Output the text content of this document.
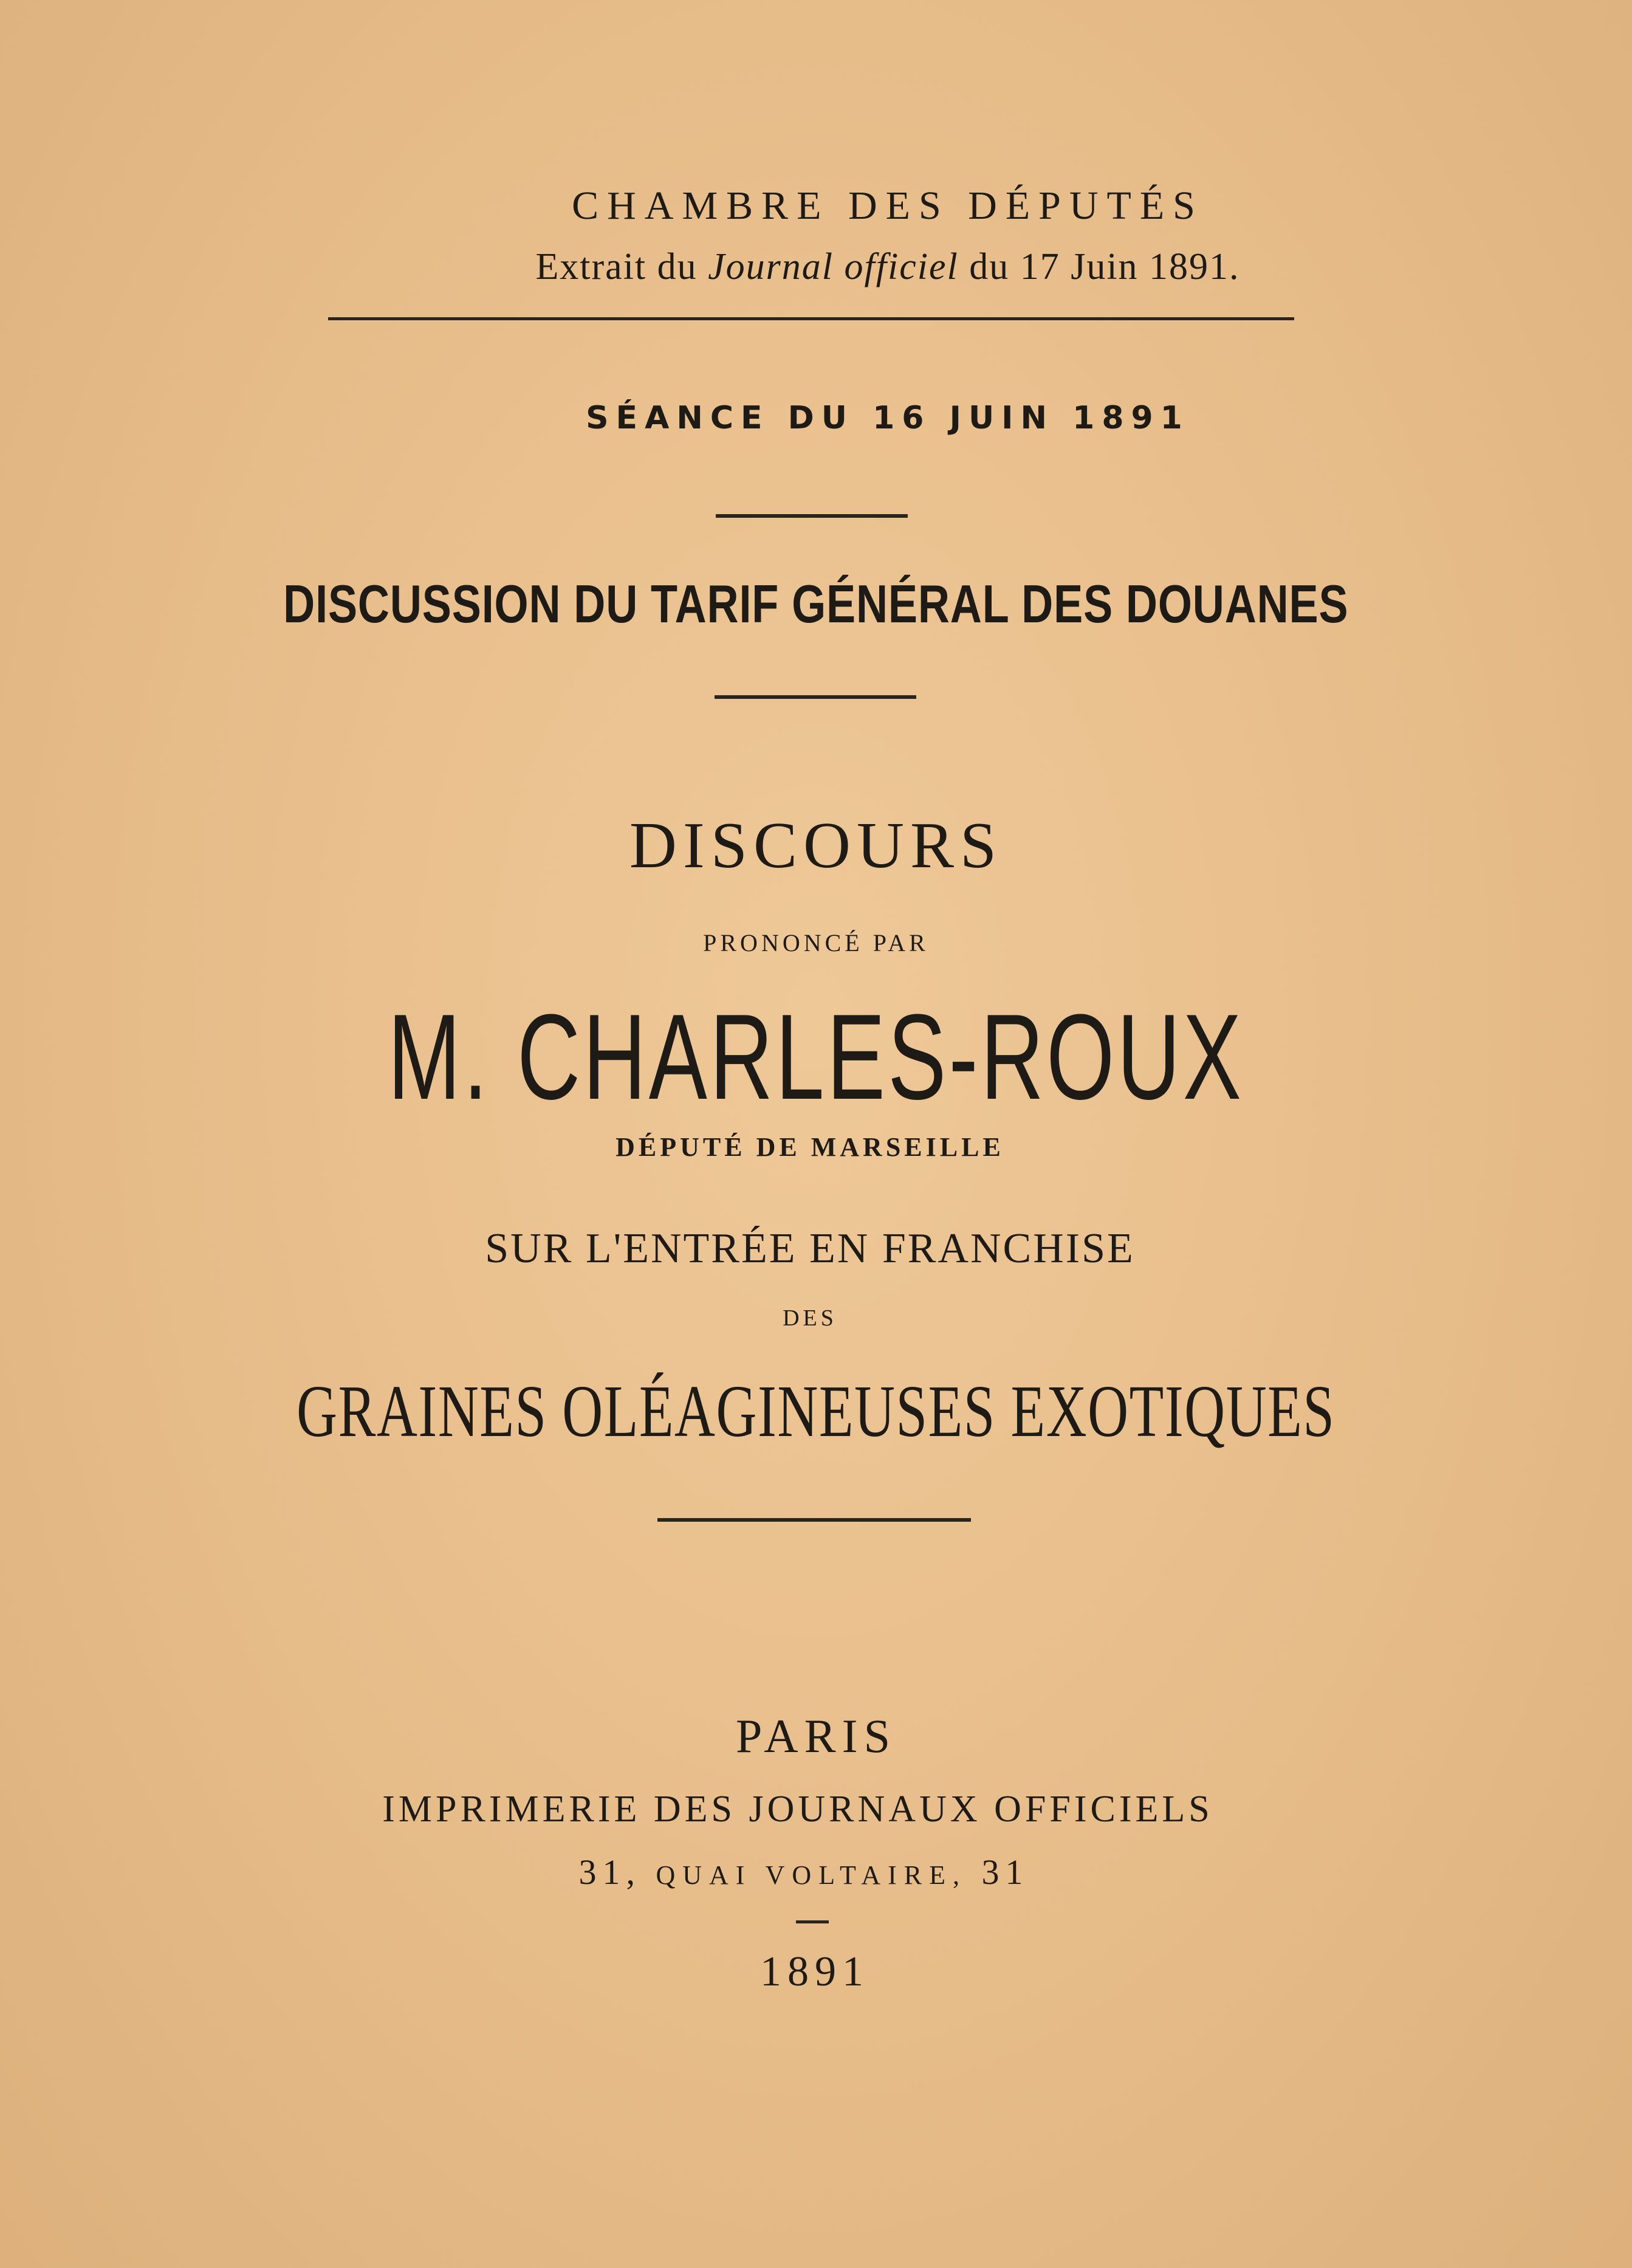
CHAMBRE DES DÉPUTÉS
Extrait du Journal officiel du 17 Juin 1891.
SÉANCE DU 16 JUIN 1891
DISCUSSION DU TARIF GÉNÉRAL DES DOUANES
DISCOURS
PRONONCÉ PAR
M. CHARLES-ROUX
DÉPUTÉ DE MARSEILLE
SUR L'ENTRÉE EN FRANCHISE
DES
GRAINES OLÉAGINEUSES EXOTIQUES
PARIS
IMPRIMERIE DES JOURNAUX OFFICIELS
31, QUAI VOLTAIRE, 31
1891
